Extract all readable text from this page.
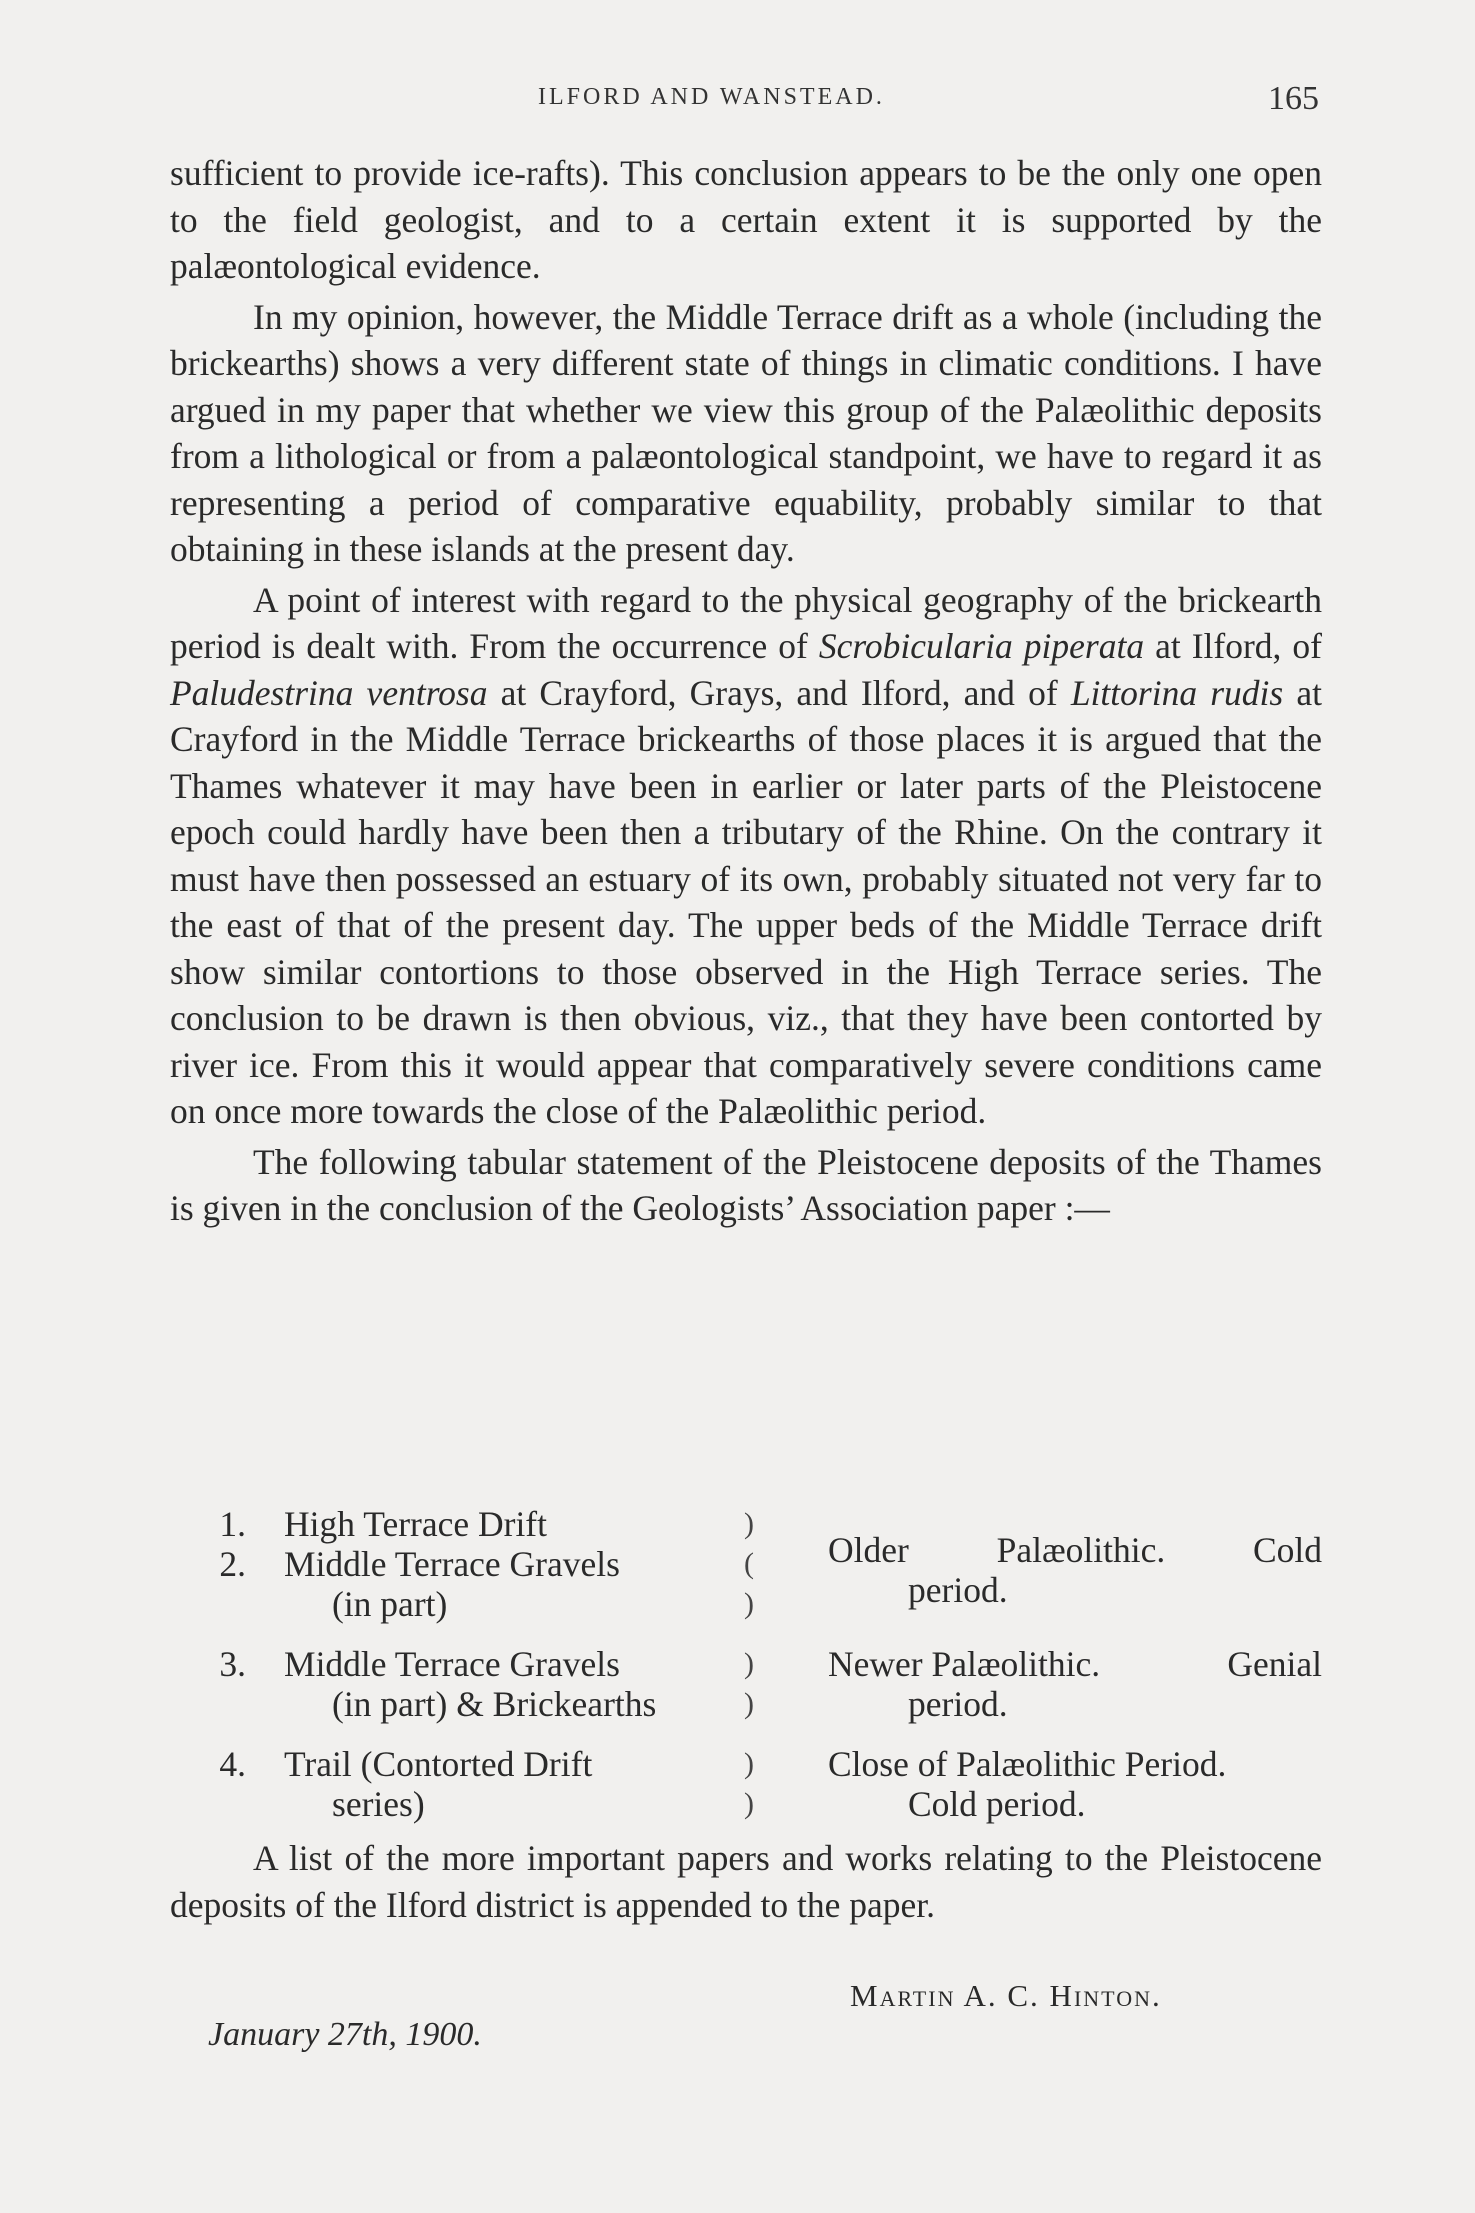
ILFORD AND WANSTEAD.	165

sufficient to provide ice-rafts). This conclusion appears to be the only one open to the field geologist, and to a certain extent it is supported by the palæontological evidence.

In my opinion, however, the Middle Terrace drift as a whole (including the brickearths) shows a very different state of things in climatic conditions. I have argued in my paper that whether we view this group of the Palæolithic deposits from a lithological or from a palæontological standpoint, we have to regard it as representing a period of comparative equability, probably similar to that obtaining in these islands at the present day.

A point of interest with regard to the physical geography of the brickearth period is dealt with. From the occurrence of Scrobicularia piperata at Ilford, of Paludestrina ventrosa at Crayford, Grays, and Ilford, and of Littorina rudis at Crayford in the Middle Terrace brickearths of those places it is argued that the Thames whatever it may have been in earlier or later parts of the Pleistocene epoch could hardly have been then a tributary of the Rhine. On the contrary it must have then possessed an estuary of its own, probably situated not very far to the east of that of the present day. The upper beds of the Middle Terrace drift show similar contortions to those observed in the High Terrace series. The conclusion to be drawn is then obvious, viz., that they have been contorted by river ice. From this it would appear that comparatively severe conditions came on once more towards the close of the Palæolithic period.

The following tabular statement of the Pleistocene deposits of the Thames is given in the conclusion of the Geologists’ Association paper :—

1.
2.
High Terrace Drift
Middle Terrace Gravels
(in part)
)
(
)
Older Palæolithic. Cold
period.
3. Middle Terrace Gravels
(in part) & Brickearths
)
)
Newer Palæolithic.	Genial
period.
4. Trail (Contorted Drift
series)
)
)
Close of Palæolithic Period.
Cold period.

A list of the more important papers and works relating to the Pleistocene deposits of the Ilford district is appended to the paper.

Martin A. C. Hinton.
January 27th, 1900.
